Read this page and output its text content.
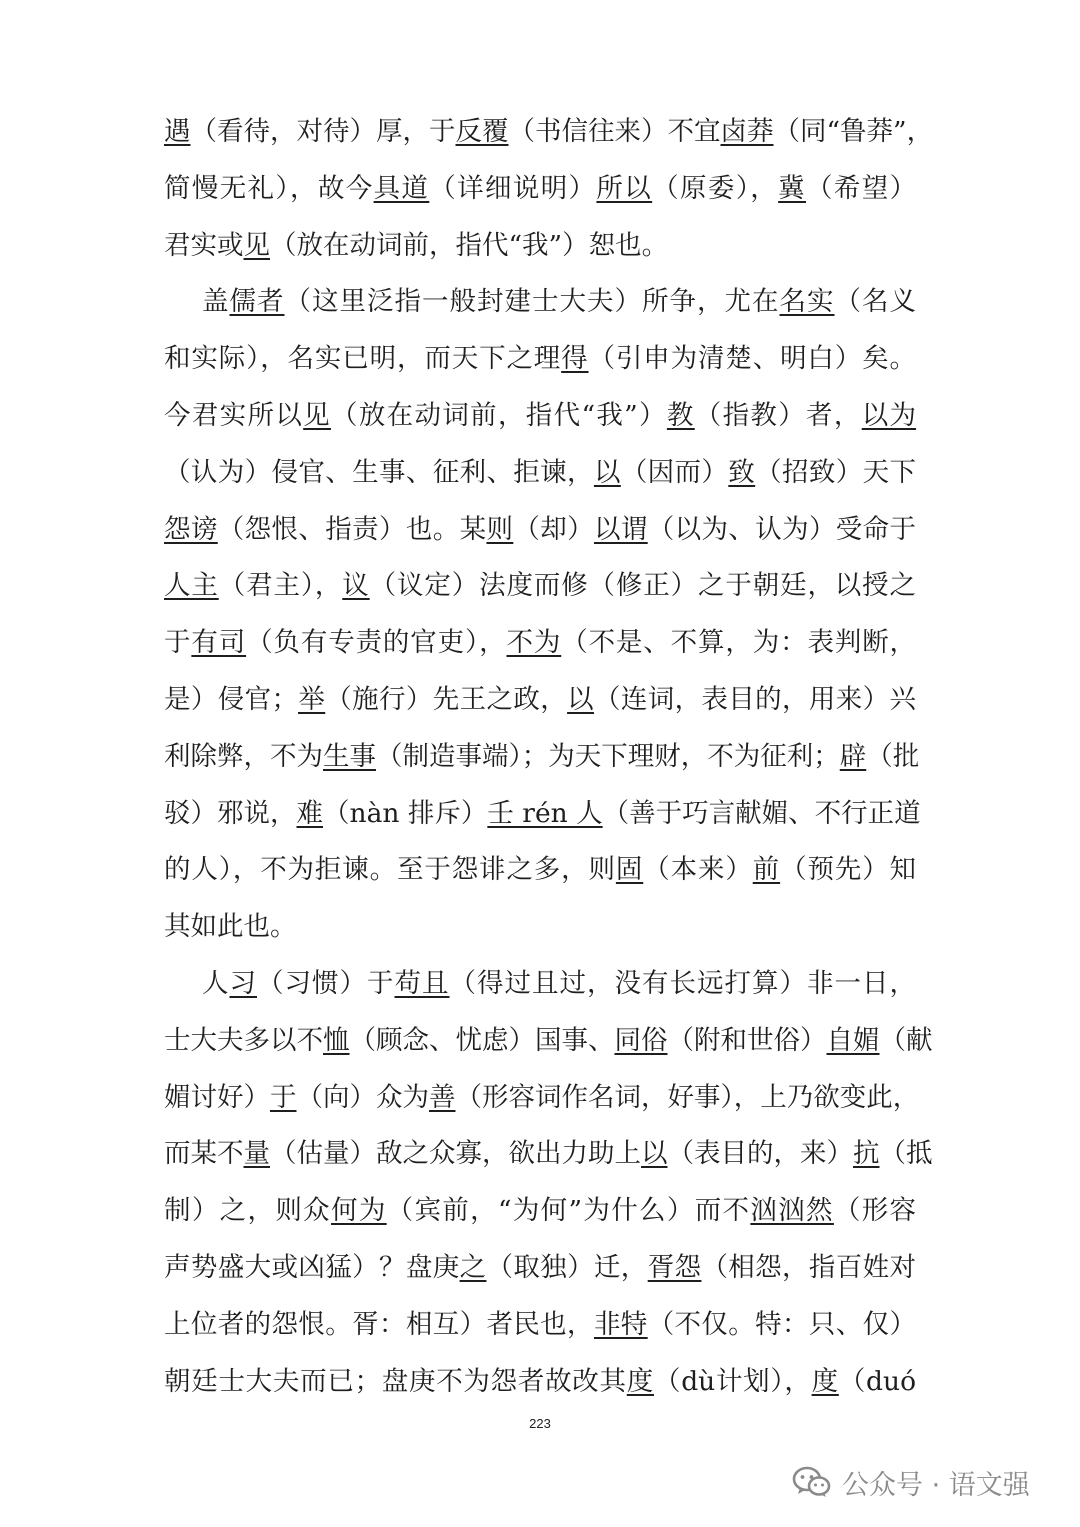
遇（看待，对待）厚，于反覆（书信往来）不宜卤莽（同“鲁莽”，
简慢无礼），故今具道（详细说明）所以（原委），冀（希望）
君实或见（放在动词前，指代“我”）恕也。
盖儒者（这里泛指一般封建士大夫）所争，尤在名实（名义
和实际），名实已明，而天下之理得（引申为清楚、明白）矣。
今君实所以见（放在动词前，指代“我”）教（指教）者，以为
（认为）侵官、生事、征利、拒谏，以（因而）致（招致）天下
怨谤（怨恨、指责）也。某则（却）以谓（以为、认为）受命于
人主（君主），议（议定）法度而修（修正）之于朝廷，以授之
于有司（负有专责的官吏），不为（不是、不算，为：表判断，
是）侵官；举（施行）先王之政，以（连词，表目的，用来）兴
利除弊，不为生事（制造事端）；为天下理财，不为征利；辟（批
驳）邪说，难（nàn 排斥）壬 rén 人（善于巧言献媚、不行正道
的人），不为拒谏。至于怨诽之多，则固（本来）前（预先）知
其如此也。
人习（习惯）于苟且（得过且过，没有长远打算）非一日，
士大夫多以不恤（顾念、忧虑）国事、同俗（附和世俗）自媚（献
媚讨好）于（向）众为善（形容词作名词，好事），上乃欲变此，
而某不量（估量）敌之众寡，欲出力助上以（表目的，来）抗（抵
制）之，则众何为（宾前，“为何”为什么）而不汹汹然（形容
声势盛大或凶猛）？盘庚之（取独）迁，胥怨（相怨，指百姓对
上位者的怨恨。胥：相互）者民也，非特（不仅。特：只、仅）
朝廷士大夫而已；盘庚不为怨者故改其度（dù计划），度（duó
223
公众号 · 语文强
